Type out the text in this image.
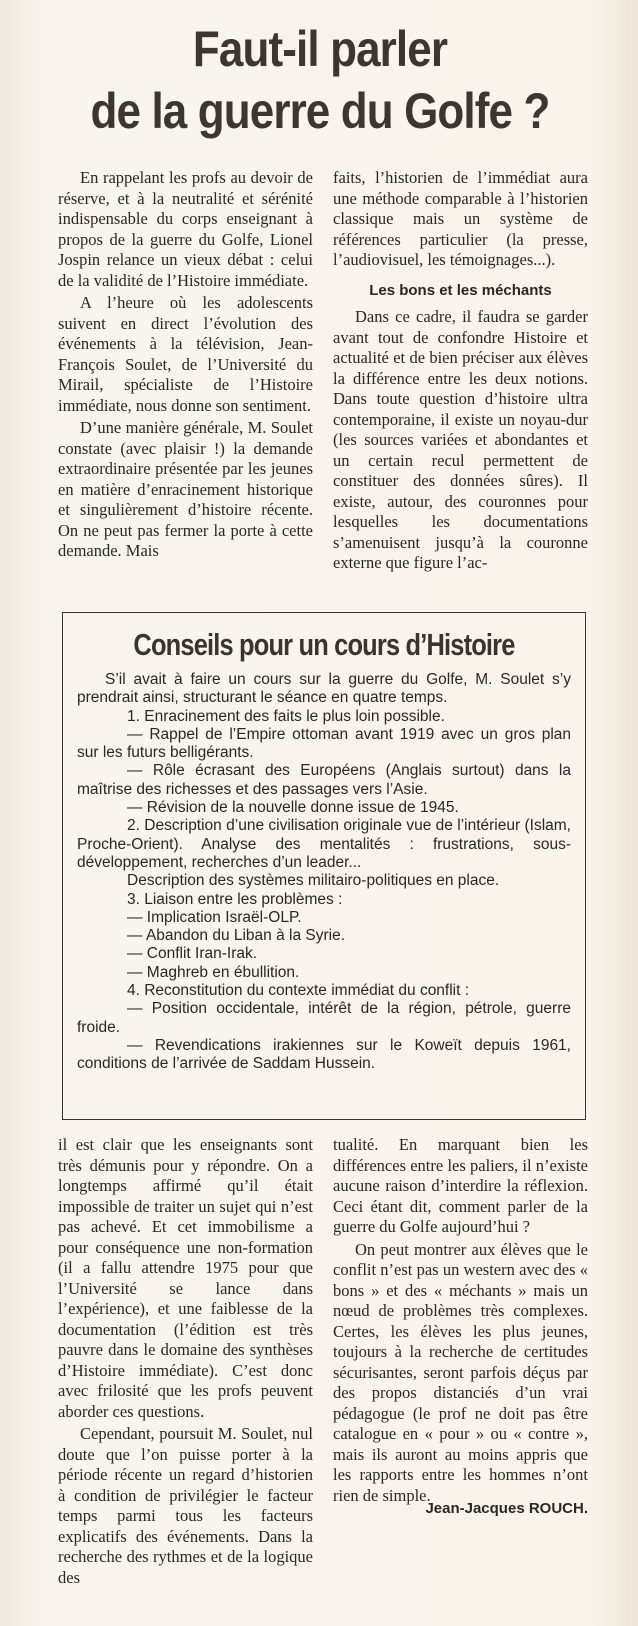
Faut-il parler
de la guerre du Golfe ?

En rappelant les profs au devoir de réserve, et à la neutralité et sérénité indispensable du corps enseignant à propos de la guerre du Golfe, Lionel Jospin relance un vieux débat : celui de la validité de l’Histoire immédiate.

A l’heure où les adolescents suivent en direct l’évolution des événements à la télévision, Jean-François Soulet, de l’Université du Mirail, spécialiste de l’Histoire immédiate, nous donne son sentiment.

D’une manière générale, M. Soulet constate (avec plaisir !) la demande extraordinaire présentée par les jeunes en matière d’enracinement historique et singulièrement d’histoire récente. On ne peut pas fermer la porte à cette demande. Mais

faits, l’historien de l’immédiat aura une méthode comparable à l’historien classique mais un système de références particulier (la presse, l’audiovisuel, les témoignages...).

Les bons et les méchants

Dans ce cadre, il faudra se garder avant tout de confondre Histoire et actualité et de bien préciser aux élèves la différence entre les deux notions. Dans toute question d’histoire ultra contemporaine, il existe un noyau-dur (les sources variées et abondantes et un certain recul permettent de constituer des données sûres). Il existe, autour, des couronnes pour lesquelles les documentations s’amenuisent jusqu’à la couronne externe que figure l’ac-

Conseils pour un cours d’Histoire
S’il avait à faire un cours sur la guerre du Golfe, M. Soulet s’y prendrait ainsi, structurant le séance en quatre temps.
1. Enracinement des faits le plus loin possible.
— Rappel de l’Empire ottoman avant 1919 avec un gros plan sur les futurs belligérants.
— Rôle écrasant des Européens (Anglais surtout) dans la maîtrise des richesses et des passages vers l’Asie.
— Révision de la nouvelle donne issue de 1945.
2. Description d’une civilisation originale vue de l’intérieur (Islam, Proche-Orient). Analyse des mentalités : frustrations, sous-développement, recherches d’un leader...
Description des systèmes militairo-politiques en place.
3. Liaison entre les problèmes :
— Implication Israël-OLP.
— Abandon du Liban à la Syrie.
— Conflit Iran-Irak.
— Maghreb en ébullition.
4. Reconstitution du contexte immédiat du conflit :
— Position occidentale, intérêt de la région, pétrole, guerre froide.
— Revendications irakiennes sur le Koweït depuis 1961, conditions de l’arrivée de Saddam Hussein.

il est clair que les enseignants sont très démunis pour y répondre. On a longtemps affirmé qu’il était impossible de traiter un sujet qui n’est pas achevé. Et cet immobilisme a pour conséquence une non-formation (il a fallu attendre 1975 pour que l’Université se lance dans l’expérience), et une faiblesse de la documentation (l’édition est très pauvre dans le domaine des synthèses d’Histoire immédiate). C’est donc avec frilosité que les profs peuvent aborder ces questions.

Cependant, poursuit M. Soulet, nul doute que l’on puisse porter à la période récente un regard d’historien à condition de privilégier le facteur temps parmi tous les facteurs explicatifs des événements. Dans la recherche des rythmes et de la logique des

tualité. En marquant bien les différences entre les paliers, il n’existe aucune raison d’interdire la réflexion. Ceci étant dit, comment parler de la guerre du Golfe aujourd’hui ?

On peut montrer aux élèves que le conflit n’est pas un western avec des « bons » et des « méchants » mais un nœud de problèmes très complexes. Certes, les élèves les plus jeunes, toujours à la recherche de certitudes sécurisantes, seront parfois déçus par des propos distanciés d’un vrai pédagogue (le prof ne doit pas être catalogue en « pour » ou « contre », mais ils auront au moins appris que les rapports entre les hommes n’ont rien de simple.

Jean-Jacques ROUCH.
